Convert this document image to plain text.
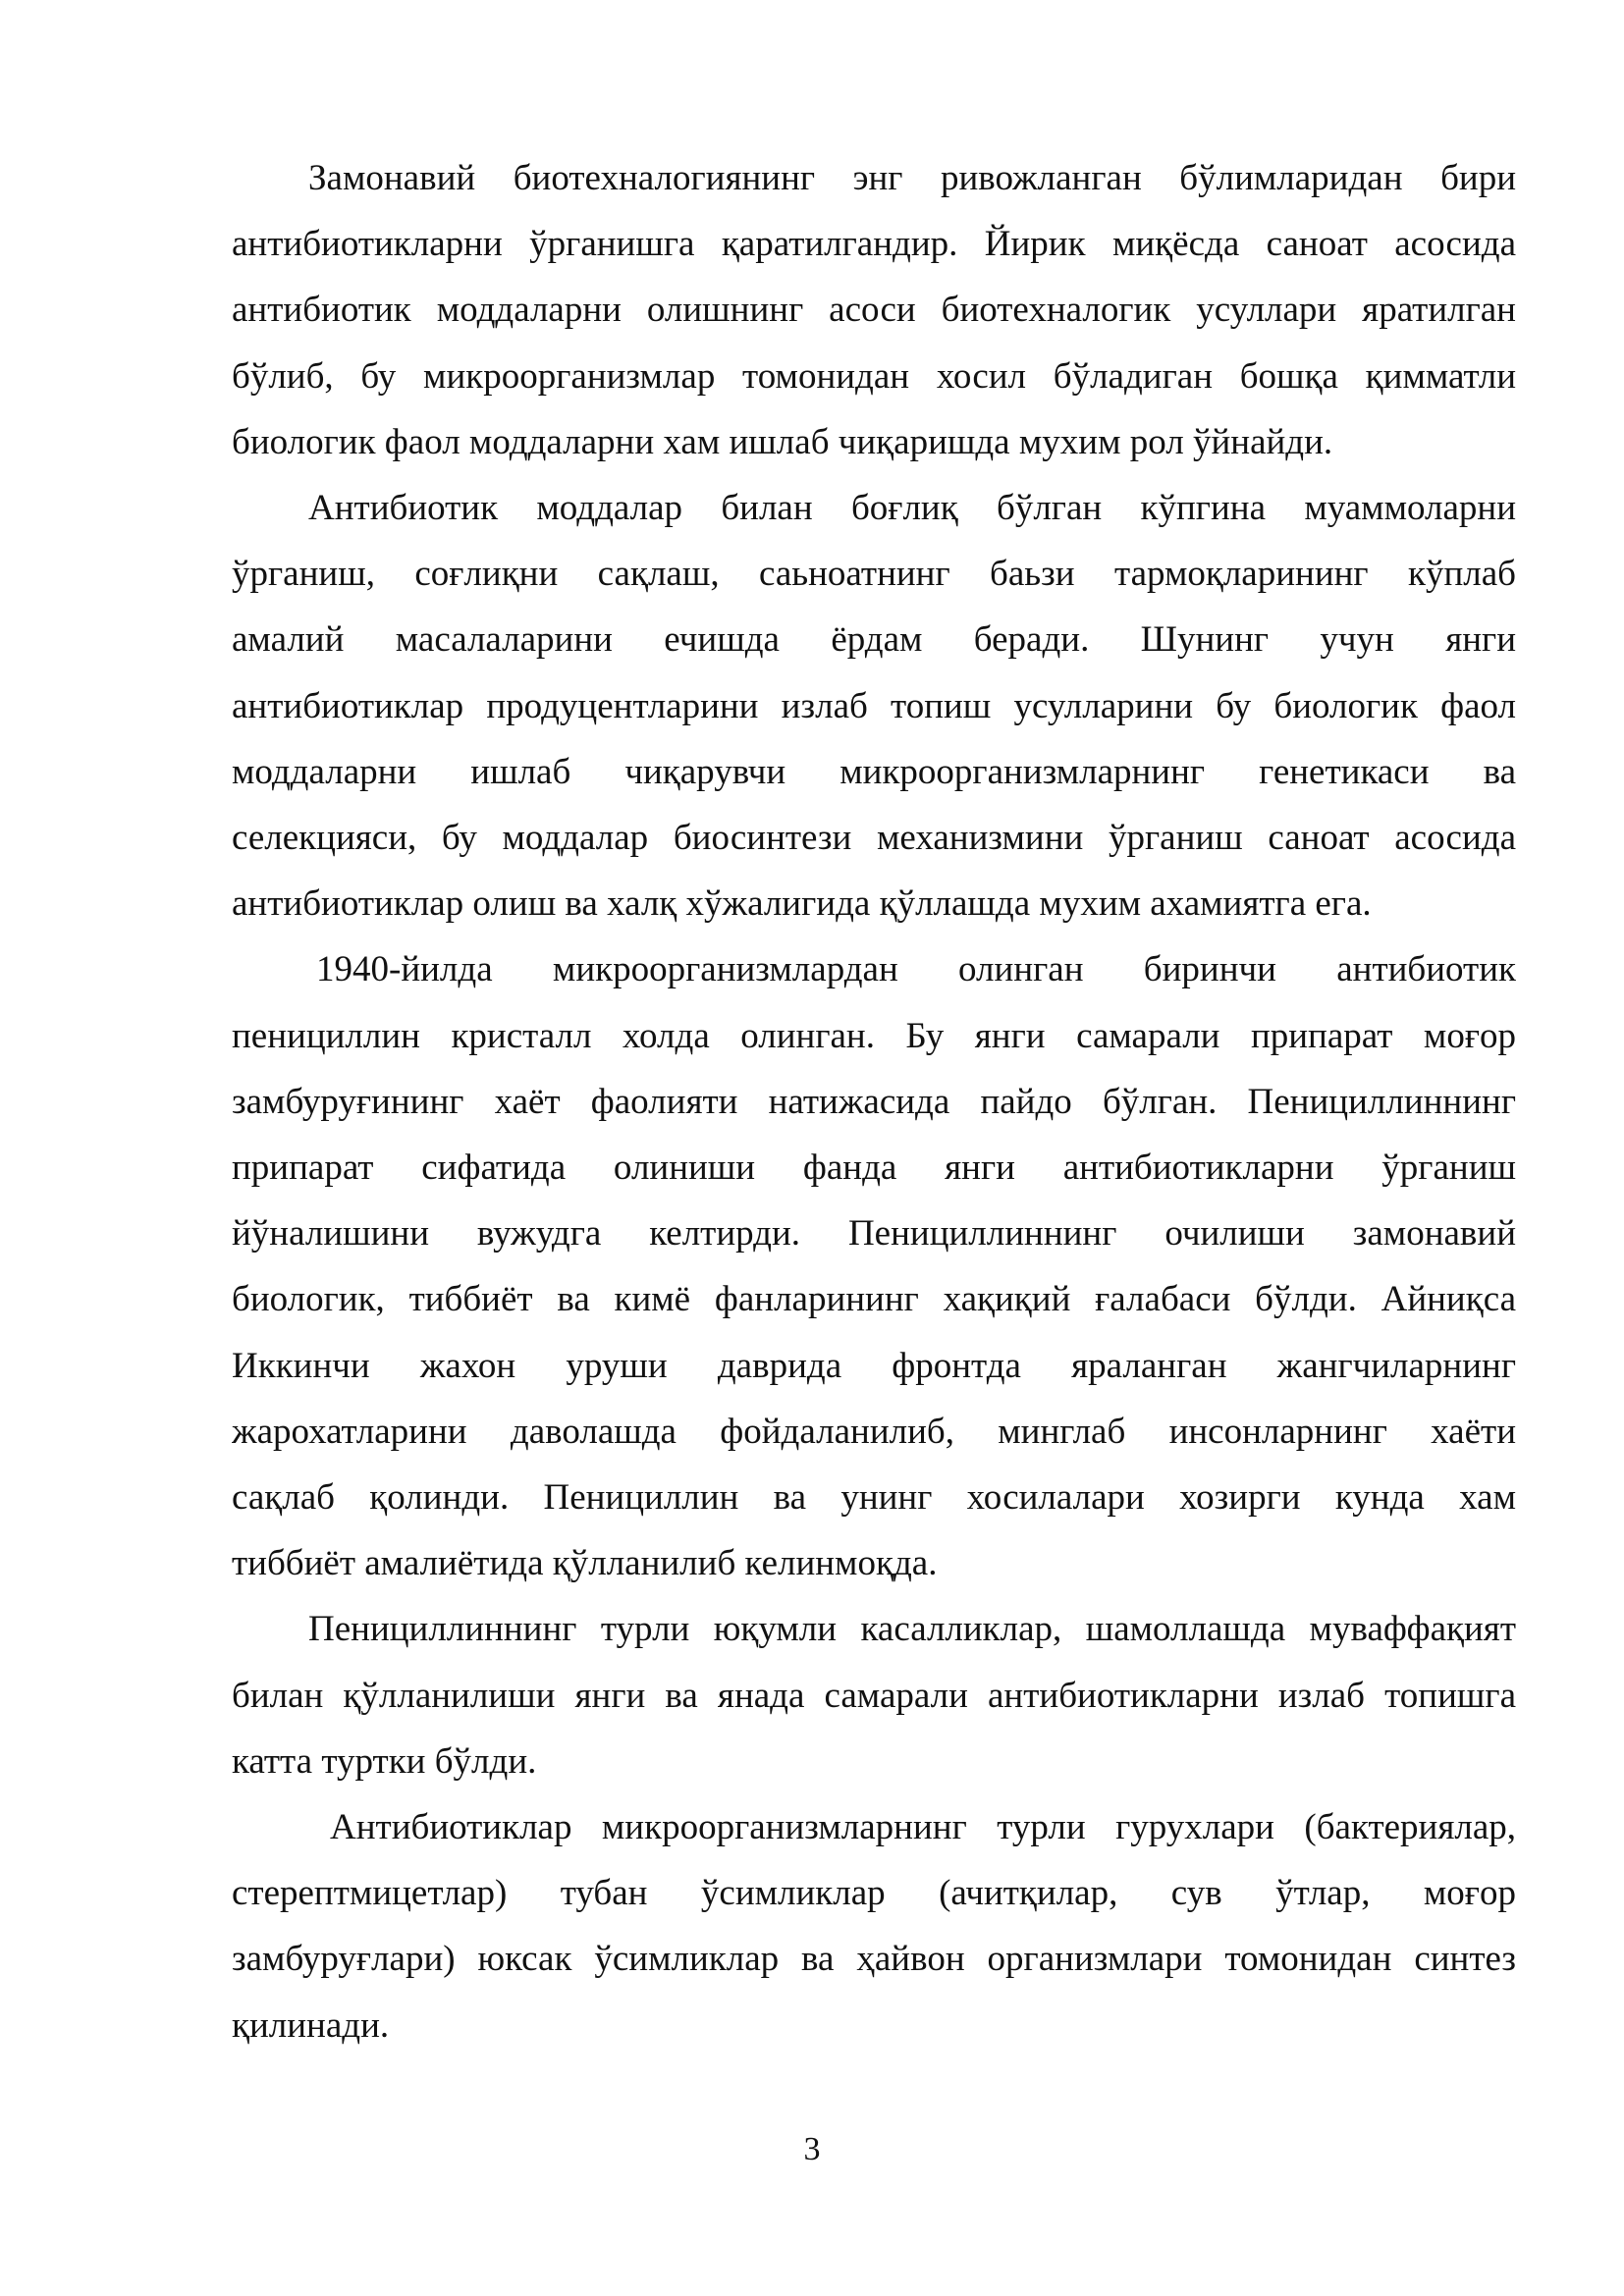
Замонавий биотехналогиянинг энг ривожланган бўлимларидан бири
антибиотикларни ўрганишга қаратилгандир. Йирик миқёсда саноат асосида
антибиотик моддаларни олишнинг асоси биотехналогик усуллари яратилган
бўлиб, бу микроорганизмлар томонидан хосил бўладиган бошқа қимматли
биологик фаол моддаларни хам ишлаб чиқаришда мухим рол ўйнайди.
Антибиотик моддалар билан боғлиқ бўлган кўпгина муаммоларни
ўрганиш, соғлиқни сақлаш, саьноатнинг баьзи тармоқларининг кўплаб
амалий масалаларини ечишда ёрдам беради. Шунинг учун янги
антибиотиклар продуцентларини излаб топиш усулларини бу биологик фаол
моддаларни ишлаб чиқарувчи микроорганизмларнинг генетикаси ва
селекцияси, бу моддалар биосинтези механизмини ўрганиш саноат асосида
антибиотиклар олиш ва халқ хўжалигида қўллашда мухим ахамиятга ега.
1940-йилда микроорганизмлардан олинган биринчи антибиотик
пенициллин кристалл холда олинган. Бу янги самарали припарат моғор
замбуруғининг хаёт фаолияти натижасида пайдо бўлган. Пенициллиннинг
припарат сифатида олиниши фанда янги антибиотикларни ўрганиш
йўналишини вужудга келтирди. Пенициллиннинг очилиши замонавий
биологик, тиббиёт ва кимё фанларининг хақиқий ғалабаси бўлди. Айниқса
Иккинчи жахон уруши даврида фронтда яраланган жангчиларнинг
жарохатларини даволашда фойдаланилиб, минглаб инсонларнинг хаёти
сақлаб қолинди. Пенициллин ва унинг хосилалари хозирги кунда хам
тиббиёт амалиётида қўлланилиб келинмоқда.
Пенициллиннинг турли юқумли касалликлар, шамоллашда муваффақият
билан қўлланилиши янги ва янада самарали антибиотикларни излаб топишга
катта туртки бўлди.
Антибиотиклар микроорганизмларнинг турли гурухлари (бактериялар,
стерептмицетлар) тубан ўсимликлар (ачитқилар, сув ўтлар, моғор
замбуруғлари) юксак ўсимликлар ва ҳайвон организмлари томонидан синтез
қилинади.
3
